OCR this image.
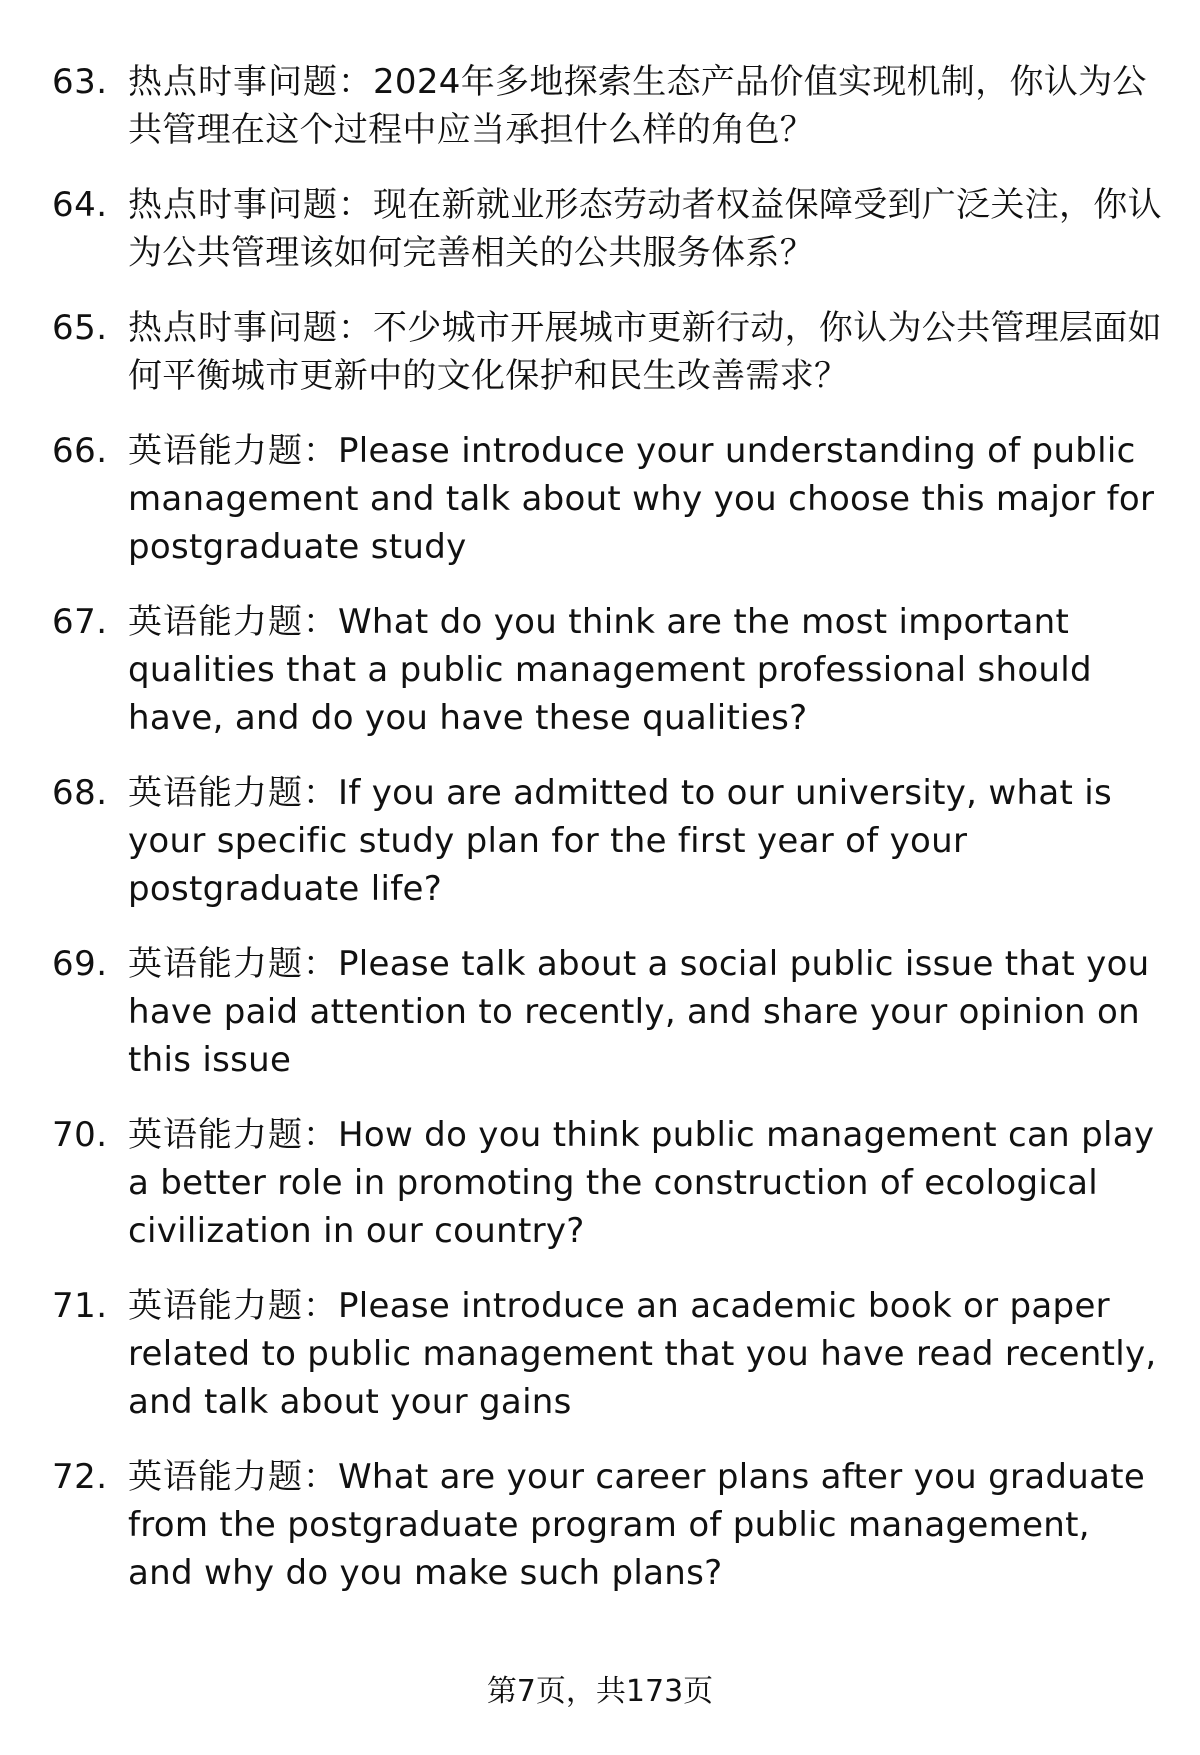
63. 热点时事问题：2024年多地探索生态产品价值实现机制，你认为公共管理在这个过程中应当承担什么样的角色？
64. 热点时事问题：现在新就业形态劳动者权益保障受到广泛关注，你认为公共管理该如何完善相关的公共服务体系？
65. 热点时事问题：不少城市开展城市更新行动，你认为公共管理层面如何平衡城市更新中的文化保护和民生改善需求？
66. 英语能力题：Please introduce your understanding of public management and talk about why you choose this major for postgraduate study
67. 英语能力题：What do you think are the most important qualities that a public management professional should have, and do you have these qualities?
68. 英语能力题：If you are admitted to our university, what is your specific study plan for the first year of your postgraduate life?
69. 英语能力题：Please talk about a social public issue that you have paid attention to recently, and share your opinion on this issue
70. 英语能力题：How do you think public management can play a better role in promoting the construction of ecological civilization in our country?
71. 英语能力题：Please introduce an academic book or paper related to public management that you have read recently, and talk about your gains
72. 英语能力题：What are your career plans after you graduate from the postgraduate program of public management, and why do you make such plans?
第7页，共173页
